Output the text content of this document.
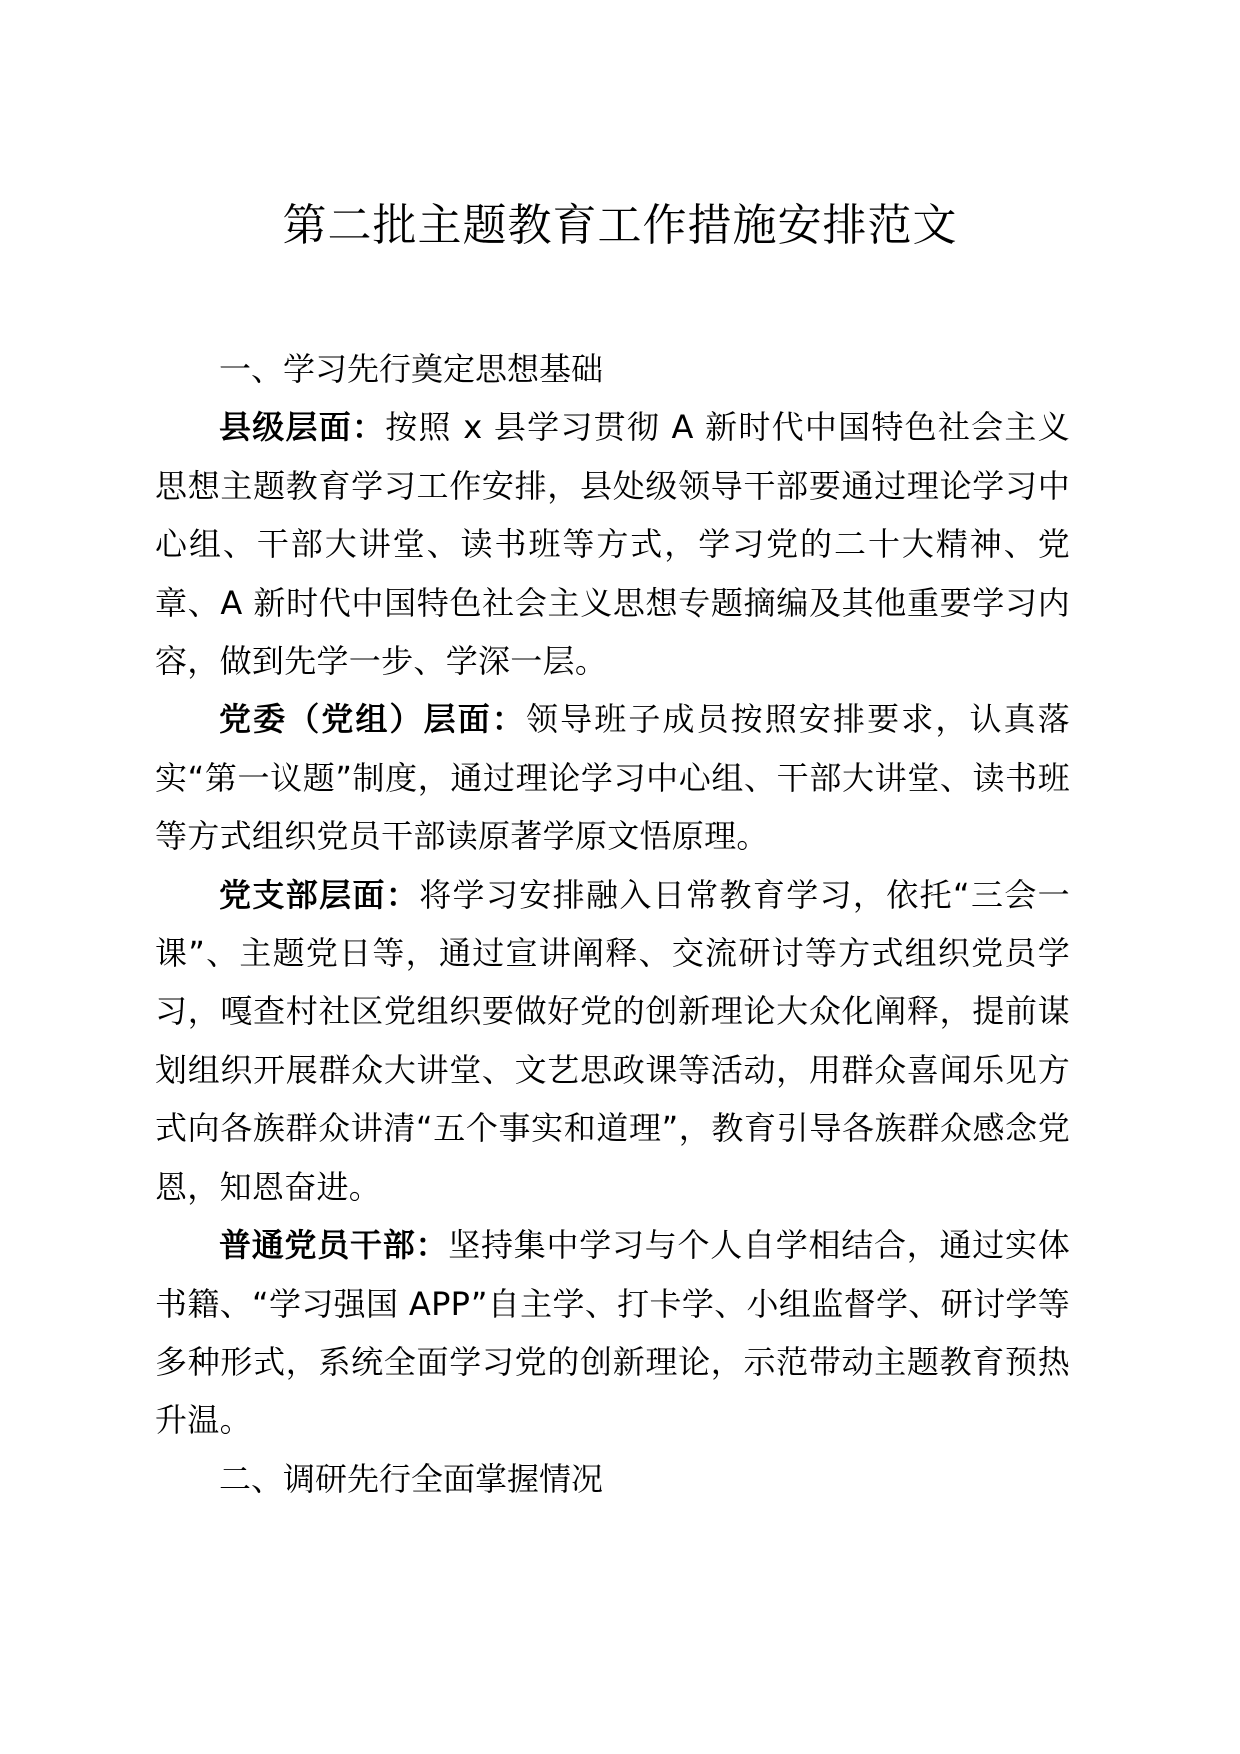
第二批主题教育工作措施安排范文

一、学习先行奠定思想基础

县级层面：按照 x 县学习贯彻 A 新时代中国特色社会主义思想主题教育学习工作安排，县处级领导干部要通过理论学习中心组、干部大讲堂、读书班等方式，学习党的二十大精神、党章、A 新时代中国特色社会主义思想专题摘编及其他重要学习内容，做到先学一步、学深一层。

党委（党组）层面：领导班子成员按照安排要求，认真落实“第一议题”制度，通过理论学习中心组、干部大讲堂、读书班等方式组织党员干部读原著学原文悟原理。

党支部层面：将学习安排融入日常教育学习，依托“三会一课”、主题党日等，通过宣讲阐释、交流研讨等方式组织党员学习，嘎查村社区党组织要做好党的创新理论大众化阐释，提前谋划组织开展群众大讲堂、文艺思政课等活动，用群众喜闻乐见方式向各族群众讲清“五个事实和道理”，教育引导各族群众感念党恩，知恩奋进。

普通党员干部：坚持集中学习与个人自学相结合，通过实体书籍、“学习强国 APP”自主学、打卡学、小组监督学、研讨学等多种形式，系统全面学习党的创新理论，示范带动主题教育预热升温。

二、调研先行全面掌握情况
